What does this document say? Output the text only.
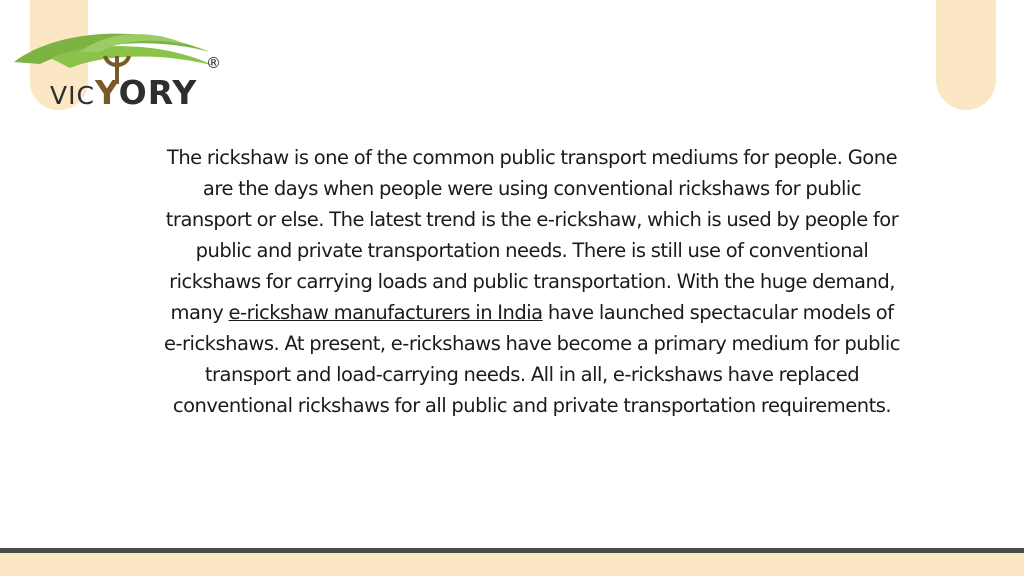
VICYORY
®
The rickshaw is one of the common public transport mediums for people. Gone are the days when people were using conventional rickshaws for public transport or else. The latest trend is the e-rickshaw, which is used by people for public and private transportation needs. There is still use of conventional rickshaws for carrying loads and public transportation. With the huge demand, many e-rickshaw manufacturers in India have launched spectacular models of e-rickshaws. At present, e-rickshaws have become a primary medium for public transport and load-carrying needs. All in all, e-rickshaws have replaced conventional rickshaws for all public and private transportation requirements.
